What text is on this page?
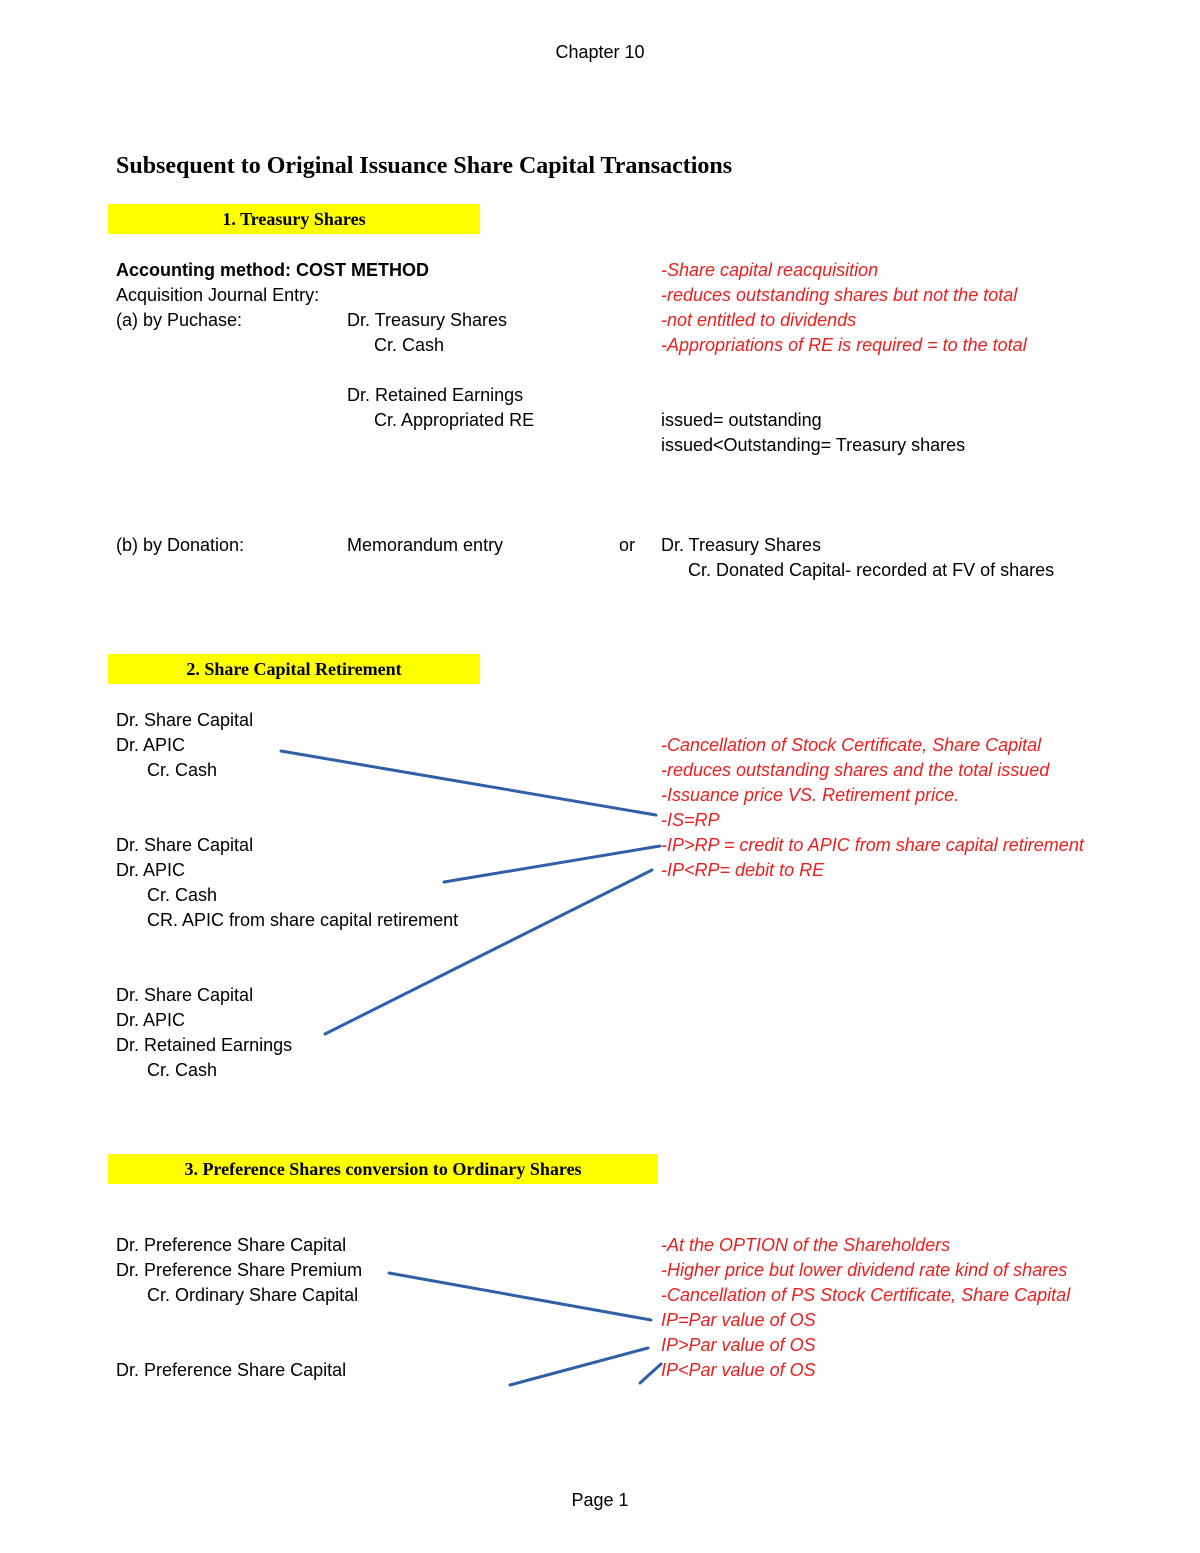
Chapter 10
Subsequent to Original Issuance Share Capital Transactions
1. Treasury Shares
Accounting method: COST METHOD
Acquisition Journal Entry:
(a) by Puchase:	Dr. Treasury Shares
Cr. Cash
Dr. Retained Earnings
Cr. Appropriated RE
-Share capital reacquisition
-reduces outstanding shares but not the total
-not entitled to dividends
-Appropriations of RE is required = to the total
issued= outstanding
issued<Outstanding= Treasury shares
(b) by Donation:	Memorandum entry	or Dr. Treasury Shares
Cr. Donated Capital- recorded at FV of shares
2. Share Capital Retirement
Dr. Share Capital
Dr. APIC
Cr. Cash
Dr. Share Capital
Dr. APIC
Cr. Cash
CR. APIC from share capital retirement
Dr. Share Capital
Dr. APIC
Dr. Retained Earnings
Cr. Cash
-Cancellation of Stock Certificate, Share Capital
-reduces outstanding shares and the total issued
-Issuance price VS. Retirement price.
-IS=RP
-IP>RP = credit to APIC from share capital retirement
-IP<RP= debit to RE
3. Preference Shares conversion to Ordinary Shares
Dr. Preference Share Capital
Dr. Preference Share Premium
Cr. Ordinary Share Capital
Dr. Preference Share Capital
-At the OPTION of the Shareholders
-Higher price but lower dividend rate kind of shares
-Cancellation of PS Stock Certificate, Share Capital
IP=Par value of OS
IP>Par value of OS
IP<Par value of OS
Page 1
